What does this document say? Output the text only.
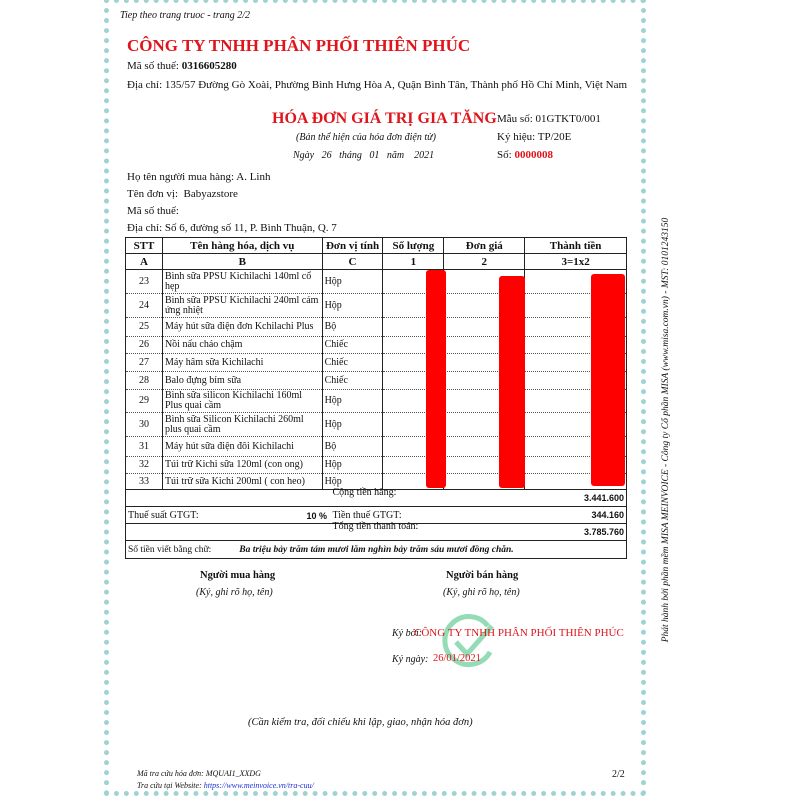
Tiep theo trang truoc - trang 2/2
CÔNG TY TNHH PHÂN PHỐI THIÊN PHÚC
Mã số thuế: 0316605280
Địa chỉ: 135/57 Đường Gò Xoài, Phường Bình Hưng Hòa A, Quận Bình Tân, Thành phố Hồ Chí Minh, Việt Nam
HÓA ĐƠN GIÁ TRỊ GIA TĂNG
(Bản thể hiện của hóa đơn điện tử)
Ngày   26   tháng   01   năm    2021
Mẫu số: 01GTKT0/001
Ký hiệu: TP/20E
Số: 0000008
Họ tên người mua hàng: A. Linh
Tên đơn vị: Babyazstore
Mã số thuế:
Địa chỉ: Số 6, đường số 11, P. Bình Thuận, Q. 7
STT	Tên hàng hóa, dịch vụ	Đơn vị tính	Số lượng	Đơn giá	Thành tiền
A	B	C	1	2	3=1x2
23	Bình sữa PPSU Kichilachi 140ml cổ hẹp	Hộp			
24	Bình sữa PPSU Kichilachi 240ml cảm ứng nhiệt	Hộp			
25	Máy hút sữa điện đơn Kchilachi Plus	Bộ			
26	Nồi nấu cháo chậm	Chiếc			
27	Máy hâm sữa Kichilachi	Chiếc			
28	Balo đựng bỉm sữa	Chiếc			
29	Bình sữa silicon Kichilachi 160ml Plus quai cầm	Hộp			
30	Bình sữa Silicon Kichilachi 260ml plus quai cầm	Hộp			
31	Máy hút sữa điện đôi Kichilachi	Bộ			
32	Túi trữ Kichi sữa 120ml (con ong)	Hộp			
33	Túi trữ sữa Kichi 200ml ( con heo)	Hộp			

Cộng tiền hàng: 3.441.600					

Thuế suất GTGT: 10 % Tiền thuế GTGT: 344.160					

Tổng tiền thanh toán: 3.785.760					

Số tiền viết bằng chữ: Ba triệu bảy trăm tám mươi lăm nghìn bảy trăm sáu mươi đồng chẵn.					
Người mua hàng
(Ký, ghi rõ họ, tên)
Người bán hàng
(Ký, ghi rõ họ, tên)
Ký bởi:
CÔNG TY TNHH PHÂN PHỐI THIÊN PHÚC
Ký ngày: 26/01/2021
(Cần kiểm tra, đối chiếu khi lập, giao, nhận hóa đơn)
Mã tra cứu hóa đơn: MQUAI1_XXDG
Tra cứu tại Website: https://www.meinvoice.vn/tra-cuu/
2/2
Phát hành bởi phần mềm MISA MEINVOICE - Công ty Cổ phần MISA (www.misa.com.vn) - MST: 0101243150
